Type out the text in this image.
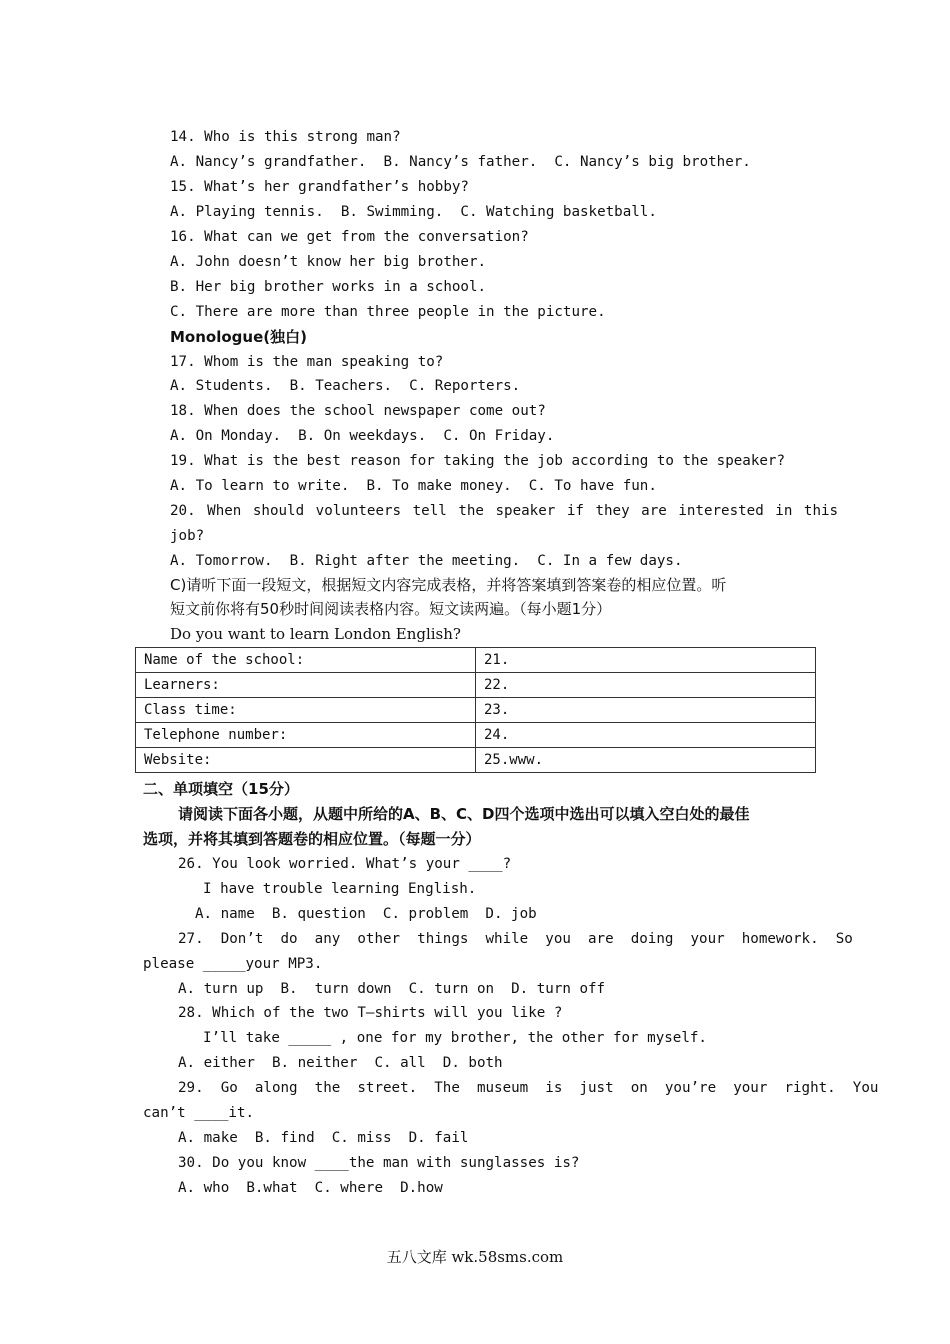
14. Who is this strong man?
A. Nancy’s grandfather.  B. Nancy’s father.  C. Nancy’s big brother.
15. What’s her grandfather’s hobby?
A. Playing tennis.  B. Swimming.  C. Watching basketball.
16. What can we get from the conversation?
A. John doesn’t know her big brother.
B. Her big brother works in a school.
C. There are more than three people in the picture.
Monologue(独白)
17. Whom is the man speaking to?
A. Students.  B. Teachers.  C. Reporters.
18. When does the school newspaper come out?
A. On Monday.  B. On weekdays.  C. On Friday.
19. What is the best reason for taking the job according to the speaker?
A. To learn to write.  B. To make money.  C. To have fun.
20. When should volunteers tell the speaker if they are interested in this
job?
A. Tomorrow.  B. Right after the meeting.  C. In a few days.
C)请听下面一段短文，根据短文内容完成表格，并将答案填到答案卷的相应位置。听
短文前你将有50秒时间阅读表格内容。短文读两遍。（每小题1分）
Do you want to learn London English?
Name of the school:	21.
Learners:	22.
Class time:	23.
Telephone number:	24.
Website:	25.www.
二、单项填空（15分）
请阅读下面各小题，从题中所给的A、B、C、D四个选项中选出可以填入空白处的最佳
选项，并将其填到答题卷的相应位置。（每题一分）
26. You look worried. What’s your ____?
I have trouble learning English.
A. name  B. question  C. problem  D. job
27.  Don’t  do  any  other  things  while  you  are  doing  your  homework.  So
please _____your MP3.
A. turn up  B.  turn down  C. turn on  D. turn off
28. Which of the two T—shirts will you like ?
I’ll take _____ , one for my brother, the other for myself.
A. either  B. neither  C. all  D. both
29.  Go  along  the  street.  The  museum  is  just  on  you’re  your  right.  You
can’t ____it.
A. make  B. find  C. miss  D. fail
30. Do you know ____the man with sunglasses is?
A. who  B.what  C. where  D.how
五八文库 wk.58sms.com
